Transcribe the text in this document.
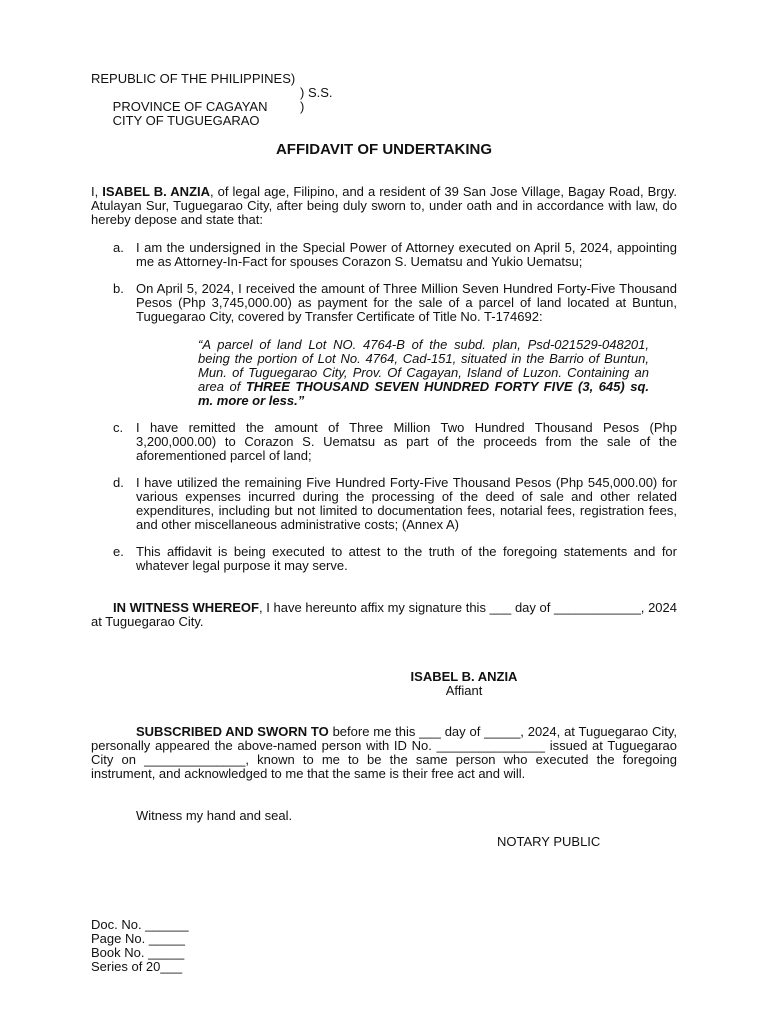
REPUBLIC OF THE PHILIPPINES)

PROVINCE OF CAGAYAN

) S.S.

CITY OF TUGUEGARAO

)

AFFIDAVIT OF UNDERTAKING
I, ISABEL B. ANZIA, of legal age, Filipino, and a resident of 39 San Jose Village, Bagay Road, Brgy. Atulayan Sur, Tuguegarao City, after being duly sworn to, under oath and in accordance with law, do hereby depose and state that:
a. I am the undersigned in the Special Power of Attorney executed on April 5, 2024, appointing me as Attorney-In-Fact for spouses Corazon S. Uematsu and Yukio Uematsu;
b. On April 5, 2024, I received the amount of Three Million Seven Hundred Forty-Five Thousand Pesos (Php 3,745,000.00) as payment for the sale of a parcel of land located at Buntun, Tuguegarao City, covered by Transfer Certificate of Title No. T-174692:
“A parcel of land Lot NO. 4764-B of the subd. plan, Psd-021529-048201, being the portion of Lot No. 4764, Cad-151, situated in the Barrio of Buntun, Mun. of Tuguegarao City, Prov. Of Cagayan, Island of Luzon. Containing an area of THREE THOUSAND SEVEN HUNDRED FORTY FIVE (3, 645) sq. m. more or less.”
c. I have remitted the amount of Three Million Two Hundred Thousand Pesos (Php 3,200,000.00) to Corazon S. Uematsu as part of the proceeds from the sale of the aforementioned parcel of land;
d. I have utilized the remaining Five Hundred Forty-Five Thousand Pesos (Php 545,000.00) for various expenses incurred during the processing of the deed of sale and other related expenditures, including but not limited to documentation fees, notarial fees, registration fees, and other miscellaneous administrative costs; (Annex A)
e. This affidavit is being executed to attest to the truth of the foregoing statements and for whatever legal purpose it may serve.
IN WITNESS WHEREOF, I have hereunto affix my signature this ___ day of ____________, 2024 at Tuguegarao City.
ISABEL B. ANZIA
Affiant
SUBSCRIBED AND SWORN TO before me this ___ day of _____, 2024, at Tuguegarao City, personally appeared the above-named person with ID No. _______________ issued at Tuguegarao City on ______________, known to me to be the same person who executed the foregoing instrument, and acknowledged to me that the same is their free act and will.
Witness my hand and seal.
NOTARY PUBLIC
Doc. No. ______
Page No. _____
Book No. _____
Series of 20___
